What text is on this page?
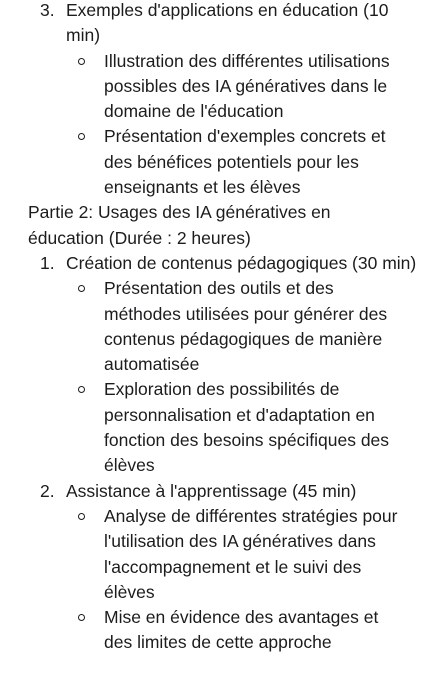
3. Exemples d'applications en éducation (10 min)
Illustration des différentes utilisations possibles des IA génératives dans le domaine de l'éducation
Présentation d'exemples concrets et des bénéfices potentiels pour les enseignants et les élèves
Partie 2: Usages des IA génératives en éducation (Durée : 2 heures)
1. Création de contenus pédagogiques (30 min)
Présentation des outils et des méthodes utilisées pour générer des contenus pédagogiques de manière automatisée
Exploration des possibilités de personnalisation et d'adaptation en fonction des besoins spécifiques des élèves
2. Assistance à l'apprentissage (45 min)
Analyse de différentes stratégies pour l'utilisation des IA génératives dans l'accompagnement et le suivi des élèves
Mise en évidence des avantages et des limites de cette approche
